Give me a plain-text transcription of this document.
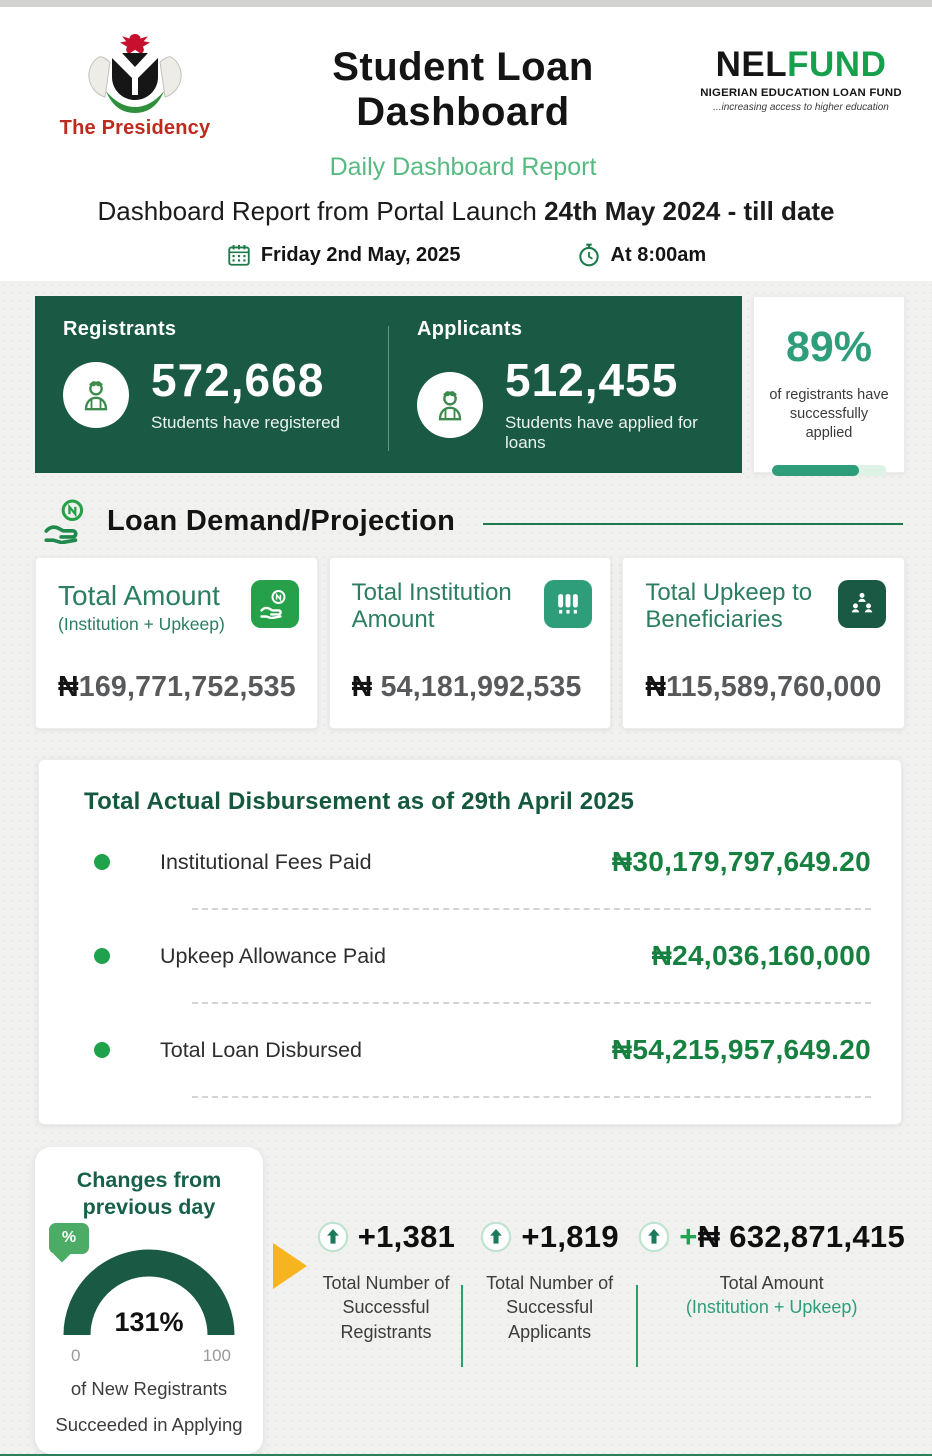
The Presidency
Student Loan Dashboard
Daily Dashboard Report
NELFUND
NIGERIAN EDUCATION LOAN FUND
...increasing access to higher education
Dashboard Report from Portal Launch 24th May 2024 - till date
Friday 2nd May, 2025	At 8:00am
Registrants
572,668
Students have registered
Applicants
512,455
Students have applied for loans
89%
of registrants have successfully applied
Loan Demand/Projection
Total Amount
(Institution + Upkeep)
₦169,771,752,535
Total Institution Amount
₦ 54,181,992,535
Total Upkeep to Beneficiaries
₦115,589,760,000
Total Actual Disbursement as of 29th April 2025
Institutional Fees Paid	₦30,179,797,649.20
Upkeep Allowance Paid	₦24,036,160,000
Total Loan Disbursed	₦54,215,957,649.20
Changes from previous day
%
131%
0	100
of New Registrants
Succeeded in Applying
+1,381
Total Number of Successful Registrants
+1,819
Total Number of Successful Applicants
+₦ 632,871,415
Total Amount
(Institution + Upkeep)
